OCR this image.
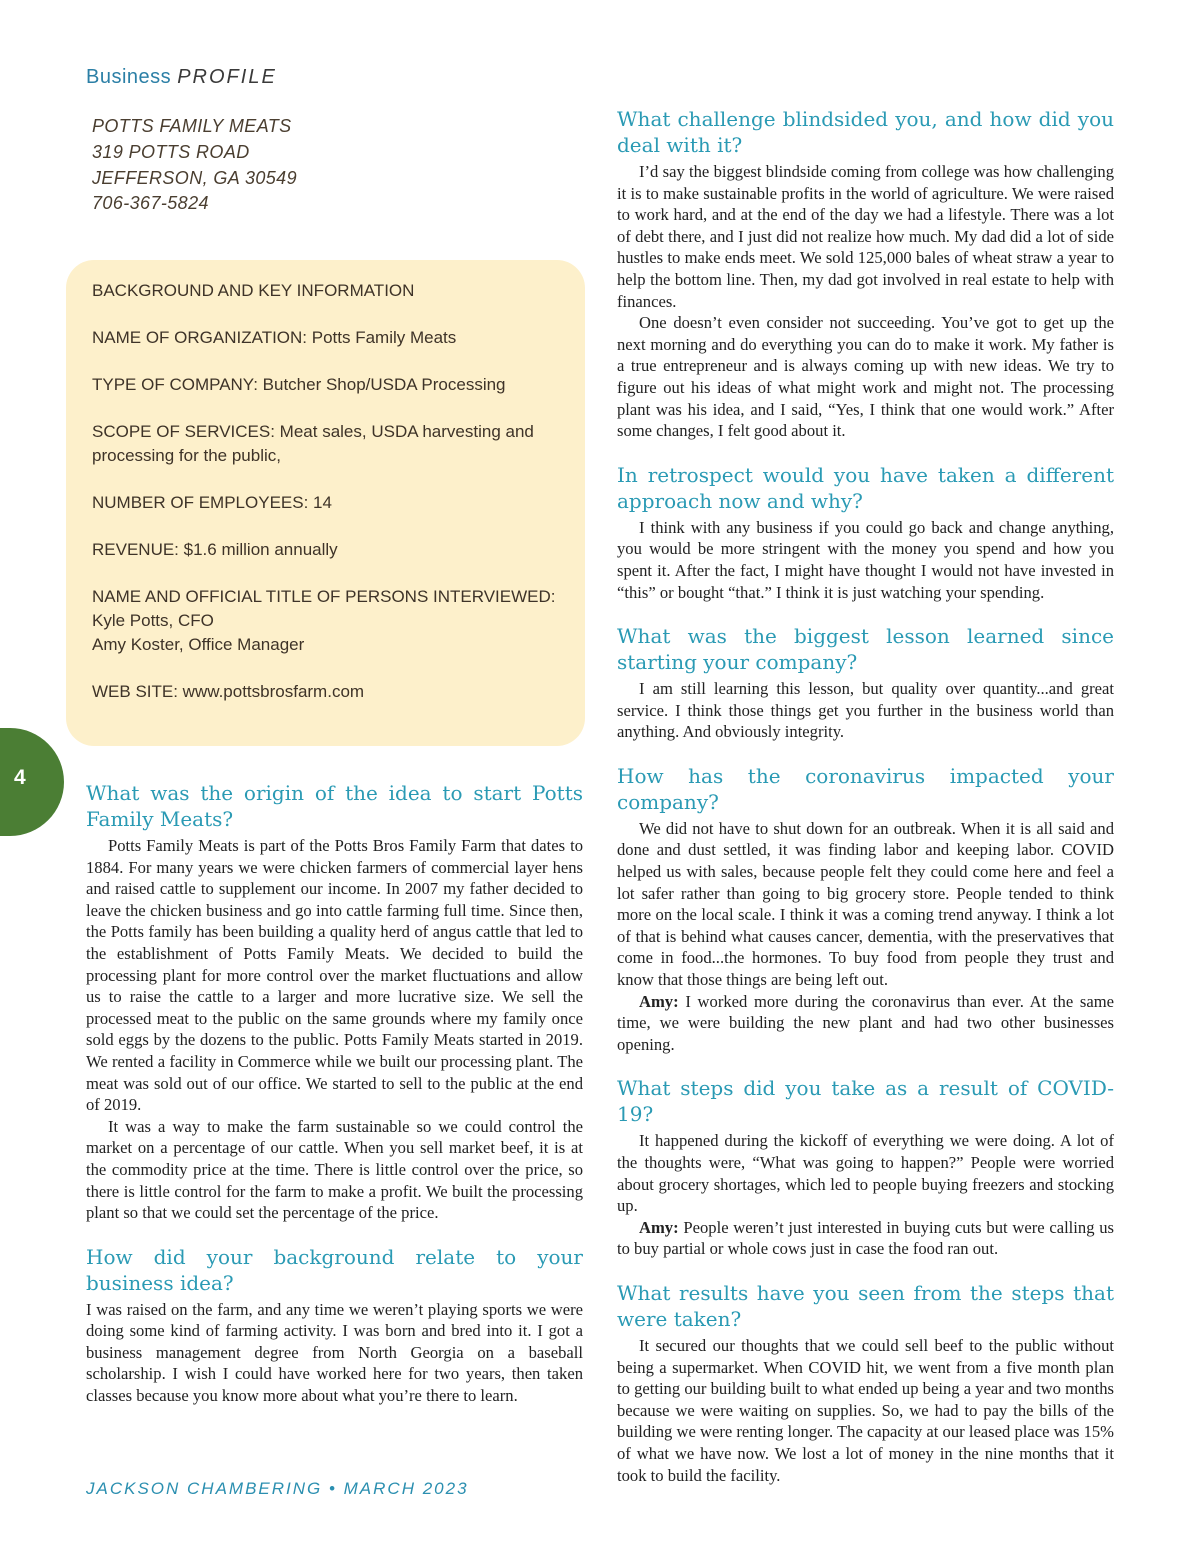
Business PROFILE
POTTS FAMILY MEATS
319 POTTS ROAD
JEFFERSON, GA 30549
706-367-5824

BACKGROUND AND KEY INFORMATION

NAME OF ORGANIZATION: Potts Family Meats

TYPE OF COMPANY: Butcher Shop/USDA Processing

SCOPE OF SERVICES: Meat sales, USDA harvesting and processing for the public,

NUMBER OF EMPLOYEES: 14

REVENUE: $1.6 million annually

NAME AND OFFICIAL TITLE OF PERSONS INTERVIEWED:
Kyle Potts, CFO
Amy Koster, Office Manager

WEB SITE: www.pottsbrosfarm.com

4
What was the origin of the idea to start Potts Family Meats?

Potts Family Meats is part of the Potts Bros Family Farm that dates to 1884. For many years we were chicken farmers of commercial layer hens and raised cattle to supplement our income. In 2007 my father decided to leave the chicken business and go into cattle farming full time. Since then, the Potts family has been building a quality herd of angus cattle that led to the establishment of Potts Family Meats. We decided to build the processing plant for more control over the market fluctuations and allow us to raise the cattle to a larger and more lucrative size. We sell the processed meat to the public on the same grounds where my family once sold eggs by the dozens to the public. Potts Family Meats started in 2019. We rented a facility in Commerce while we built our processing plant. The meat was sold out of our office. We started to sell to the public at the end of 2019.

It was a way to make the farm sustainable so we could control the market on a percentage of our cattle. When you sell market beef, it is at the commodity price at the time. There is little control over the price, so there is little control for the farm to make a profit. We built the processing plant so that we could set the percentage of the price.

How did your background relate to your business idea?

I was raised on the farm, and any time we weren’t playing sports we were doing some kind of farming activity. I was born and bred into it. I got a business management degree from North Georgia on a baseball scholarship. I wish I could have worked here for two years, then taken classes because you know more about what you’re there to learn.

What challenge blindsided you, and how did you deal with it?

I’d say the biggest blindside coming from college was how challenging it is to make sustainable profits in the world of agriculture. We were raised to work hard, and at the end of the day we had a lifestyle. There was a lot of debt there, and I just did not realize how much. My dad did a lot of side hustles to make ends meet. We sold 125,000 bales of wheat straw a year to help the bottom line. Then, my dad got involved in real estate to help with finances.

One doesn’t even consider not succeeding. You’ve got to get up the next morning and do everything you can do to make it work. My father is a true entrepreneur and is always coming up with new ideas. We try to figure out his ideas of what might work and might not. The processing plant was his idea, and I said, “Yes, I think that one would work.” After some changes, I felt good about it.

In retrospect would you have taken a different approach now and why?

I think with any business if you could go back and change anything, you would be more stringent with the money you spend and how you spent it. After the fact, I might have thought I would not have invested in “this” or bought “that.” I think it is just watching your spending.

What was the biggest lesson learned since starting your company?

I am still learning this lesson, but quality over quantity...and great service. I think those things get you further in the business world than anything. And obviously integrity.

How has the coronavirus impacted your company?

We did not have to shut down for an outbreak. When it is all said and done and dust settled, it was finding labor and keeping labor. COVID helped us with sales, because people felt they could come here and feel a lot safer rather than going to big grocery store. People tended to think more on the local scale. I think it was a coming trend anyway. I think a lot of that is behind what causes cancer, dementia, with the preservatives that come in food...the hormones. To buy food from people they trust and know that those things are being left out.

Amy: I worked more during the coronavirus than ever. At the same time, we were building the new plant and had two other businesses opening.

What steps did you take as a result of COVID-19?

It happened during the kickoff of everything we were doing. A lot of the thoughts were, “What was going to happen?” People were worried about grocery shortages, which led to people buying freezers and stocking up.

Amy: People weren’t just interested in buying cuts but were calling us to buy partial or whole cows just in case the food ran out.

What results have you seen from the steps that were taken?

It secured our thoughts that we could sell beef to the public without being a supermarket. When COVID hit, we went from a five month plan to getting our building built to what ended up being a year and two months because we were waiting on supplies. So, we had to pay the bills of the building we were renting longer. The capacity at our leased place was 15% of what we have now. We lost a lot of money in the nine months that it took to build the facility.

JACKSON CHAMBERING • MARCH 2023
